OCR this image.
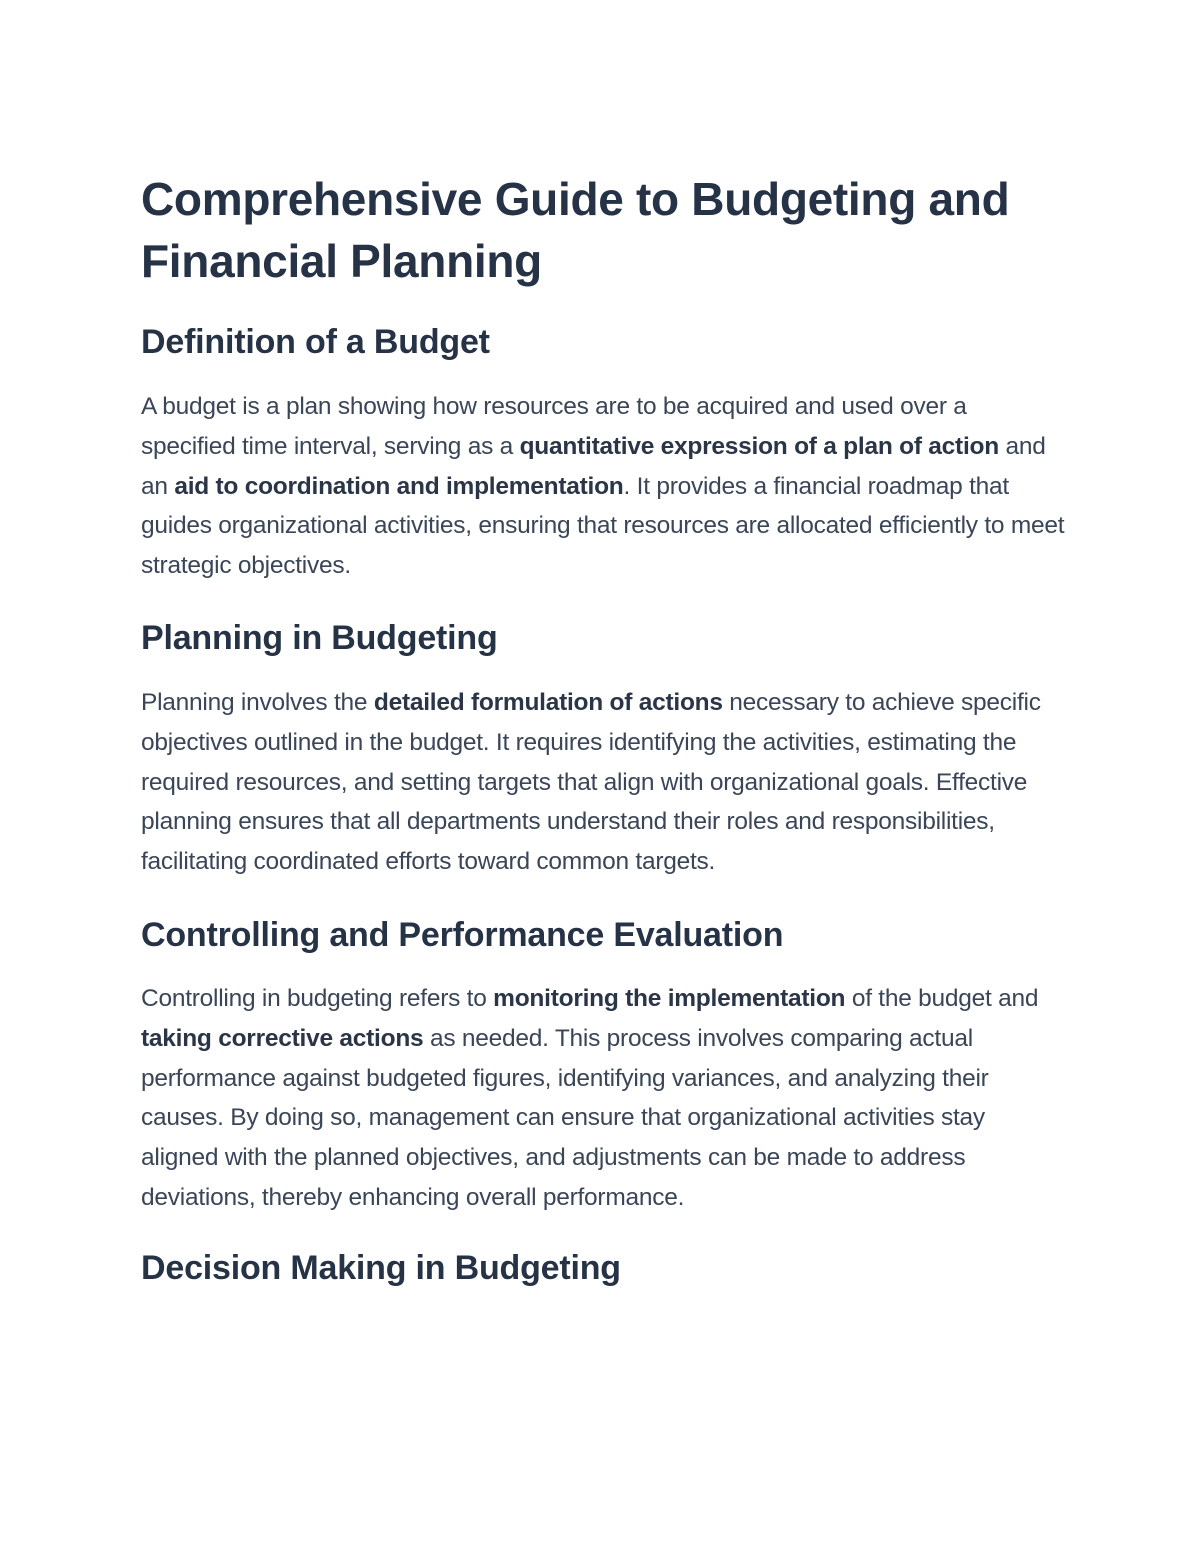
Comprehensive Guide to Budgeting and Financial Planning
Definition of a Budget

A budget is a plan showing how resources are to be acquired and used over a specified time interval, serving as a quantitative expression of a plan of action and an aid to coordination and implementation. It provides a financial roadmap that guides organizational activities, ensuring that resources are allocated efficiently to meet strategic objectives.

Planning in Budgeting

Planning involves the detailed formulation of actions necessary to achieve specific objectives outlined in the budget. It requires identifying the activities, estimating the required resources, and setting targets that align with organizational goals. Effective planning ensures that all departments understand their roles and responsibilities, facilitating coordinated efforts toward common targets.

Controlling and Performance Evaluation

Controlling in budgeting refers to monitoring the implementation of the budget and taking corrective actions as needed. This process involves comparing actual performance against budgeted figures, identifying variances, and analyzing their causes. By doing so, management can ensure that organizational activities stay aligned with the planned objectives, and adjustments can be made to address deviations, thereby enhancing overall performance.

Decision Making in Budgeting
